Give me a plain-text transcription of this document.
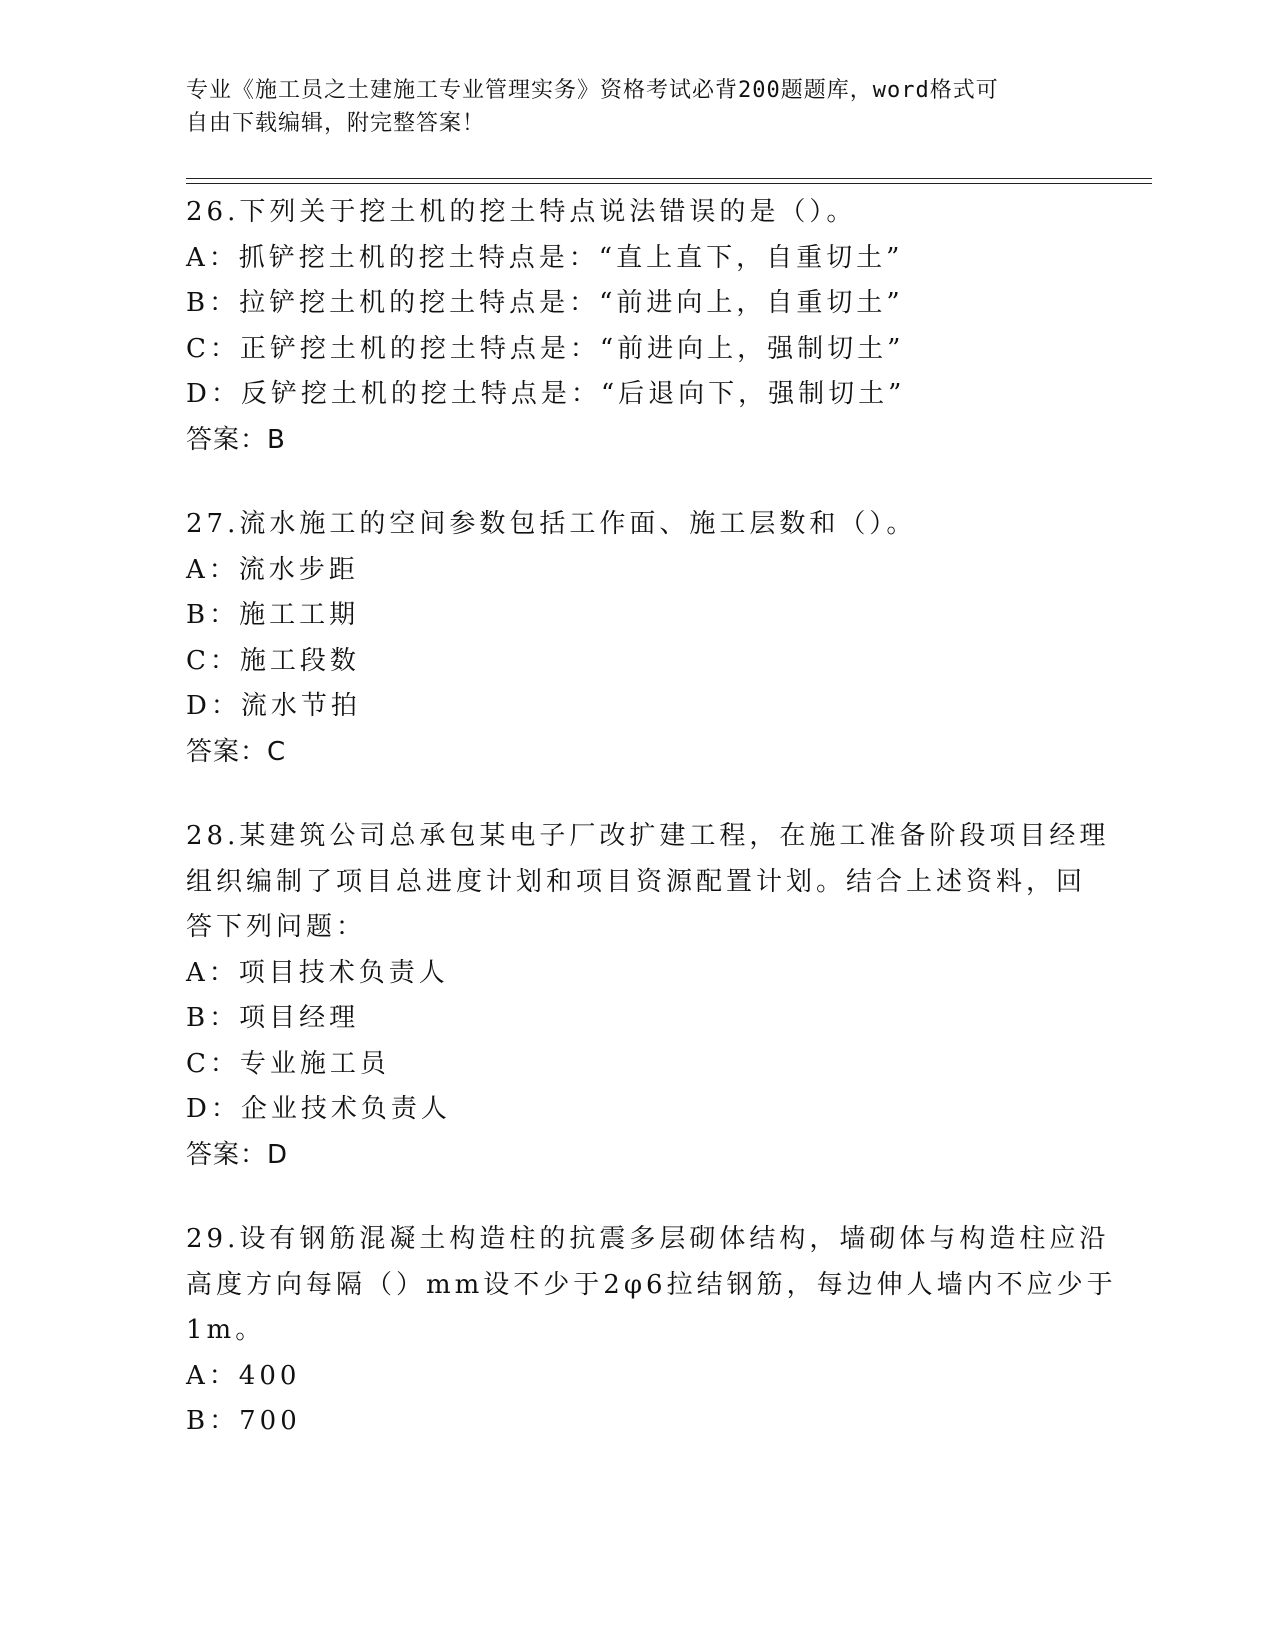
专业《施工员之土建施工专业管理实务》资格考试必背200题题库，word格式可
自由下载编辑，附完整答案！
26.下列关于挖土机的挖土特点说法错误的是（）。
A：抓铲挖土机的挖土特点是：“直上直下，自重切土”
B：拉铲挖土机的挖土特点是：“前进向上，自重切土”
C：正铲挖土机的挖土特点是：“前进向上，强制切土”
D：反铲挖土机的挖土特点是：“后退向下，强制切土”
答案：B
27.流水施工的空间参数包括工作面、施工层数和（）。
A：流水步距
B：施工工期
C：施工段数
D：流水节拍
答案：C
28.某建筑公司总承包某电子厂改扩建工程，在施工准备阶段项目经理
组织编制了项目总进度计划和项目资源配置计划。结合上述资料，回
答下列问题：
A：项目技术负责人
B：项目经理
C：专业施工员
D：企业技术负责人
答案：D
29.设有钢筋混凝土构造柱的抗震多层砌体结构，墙砌体与构造柱应沿
高度方向每隔（）mm设不少于2φ6拉结钢筋，每边伸人墙内不应少于
1m。
A：400
B：700
